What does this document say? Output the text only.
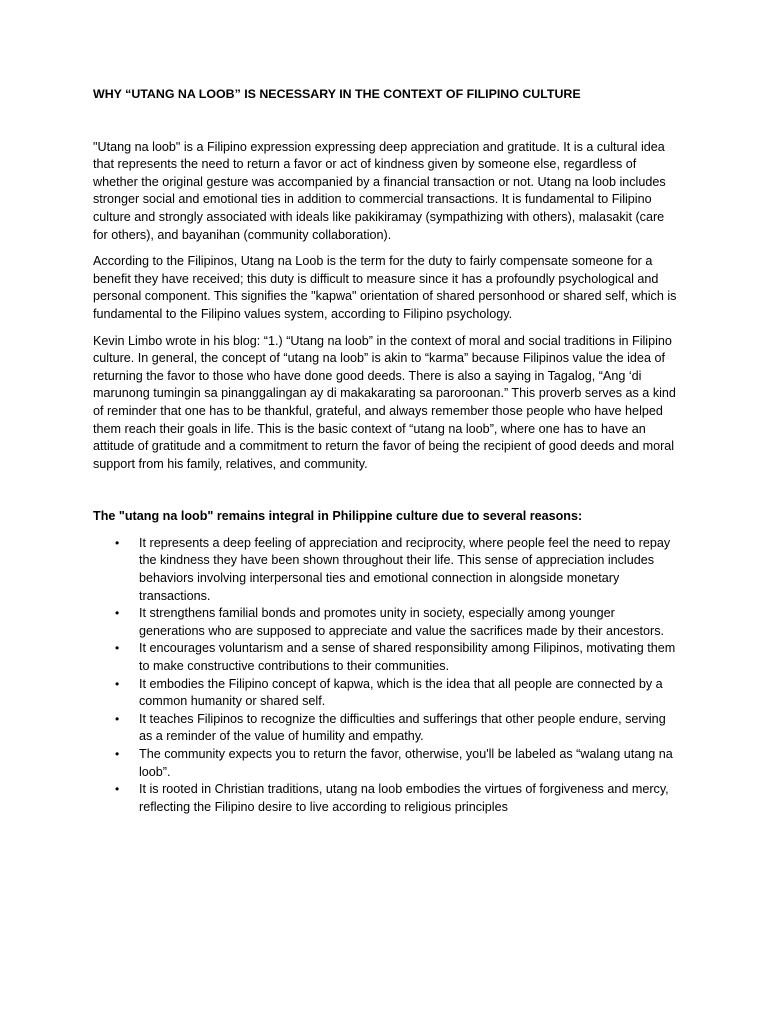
WHY “UTANG NA LOOB” IS NECESSARY IN THE CONTEXT OF FILIPINO CULTURE

"Utang na loob" is a Filipino expression expressing deep appreciation and gratitude. It is a cultural idea that represents the need to return a favor or act of kindness given by someone else, regardless of whether the original gesture was accompanied by a financial transaction or not. Utang na loob includes stronger social and emotional ties in addition to commercial transactions. It is fundamental to Filipino culture and strongly associated with ideals like pakikiramay (sympathizing with others), malasakit (care for others), and bayanihan (community collaboration).

According to the Filipinos, Utang na Loob is the term for the duty to fairly compensate someone for a benefit they have received; this duty is difficult to measure since it has a profoundly psychological and personal component. This signifies the "kapwa" orientation of shared personhood or shared self, which is fundamental to the Filipino values system, according to Filipino psychology.

Kevin Limbo wrote in his blog: “1.) “Utang na loob” in the context of moral and social traditions in Filipino culture. In general, the concept of “utang na loob” is akin to “karma” because Filipinos value the idea of returning the favor to those who have done good deeds. There is also a saying in Tagalog, “Ang ‘di marunong tumingin sa pinanggalingan ay di makakarating sa paroroonan.” This proverb serves as a kind of reminder that one has to be thankful, grateful, and always remember those people who have helped them reach their goals in life. This is the basic context of “utang na loob”, where one has to have an attitude of gratitude and a commitment to return the favor of being the recipient of good deeds and moral support from his family, relatives, and community.

The "utang na loob" remains integral in Philippine culture due to several reasons:

• It represents a deep feeling of appreciation and reciprocity, where people feel the need to repay the kindness they have been shown throughout their life. This sense of appreciation includes behaviors involving interpersonal ties and emotional connection in alongside monetary transactions.
• It strengthens familial bonds and promotes unity in society, especially among younger generations who are supposed to appreciate and value the sacrifices made by their ancestors.
• It encourages voluntarism and a sense of shared responsibility among Filipinos, motivating them to make constructive contributions to their communities.
• It embodies the Filipino concept of kapwa, which is the idea that all people are connected by a common humanity or shared self.
• It teaches Filipinos to recognize the difficulties and sufferings that other people endure, serving as a reminder of the value of humility and empathy.
• The community expects you to return the favor, otherwise, you'll be labeled as “walang utang na loob”.
• It is rooted in Christian traditions, utang na loob embodies the virtues of forgiveness and mercy, reflecting the Filipino desire to live according to religious principles
